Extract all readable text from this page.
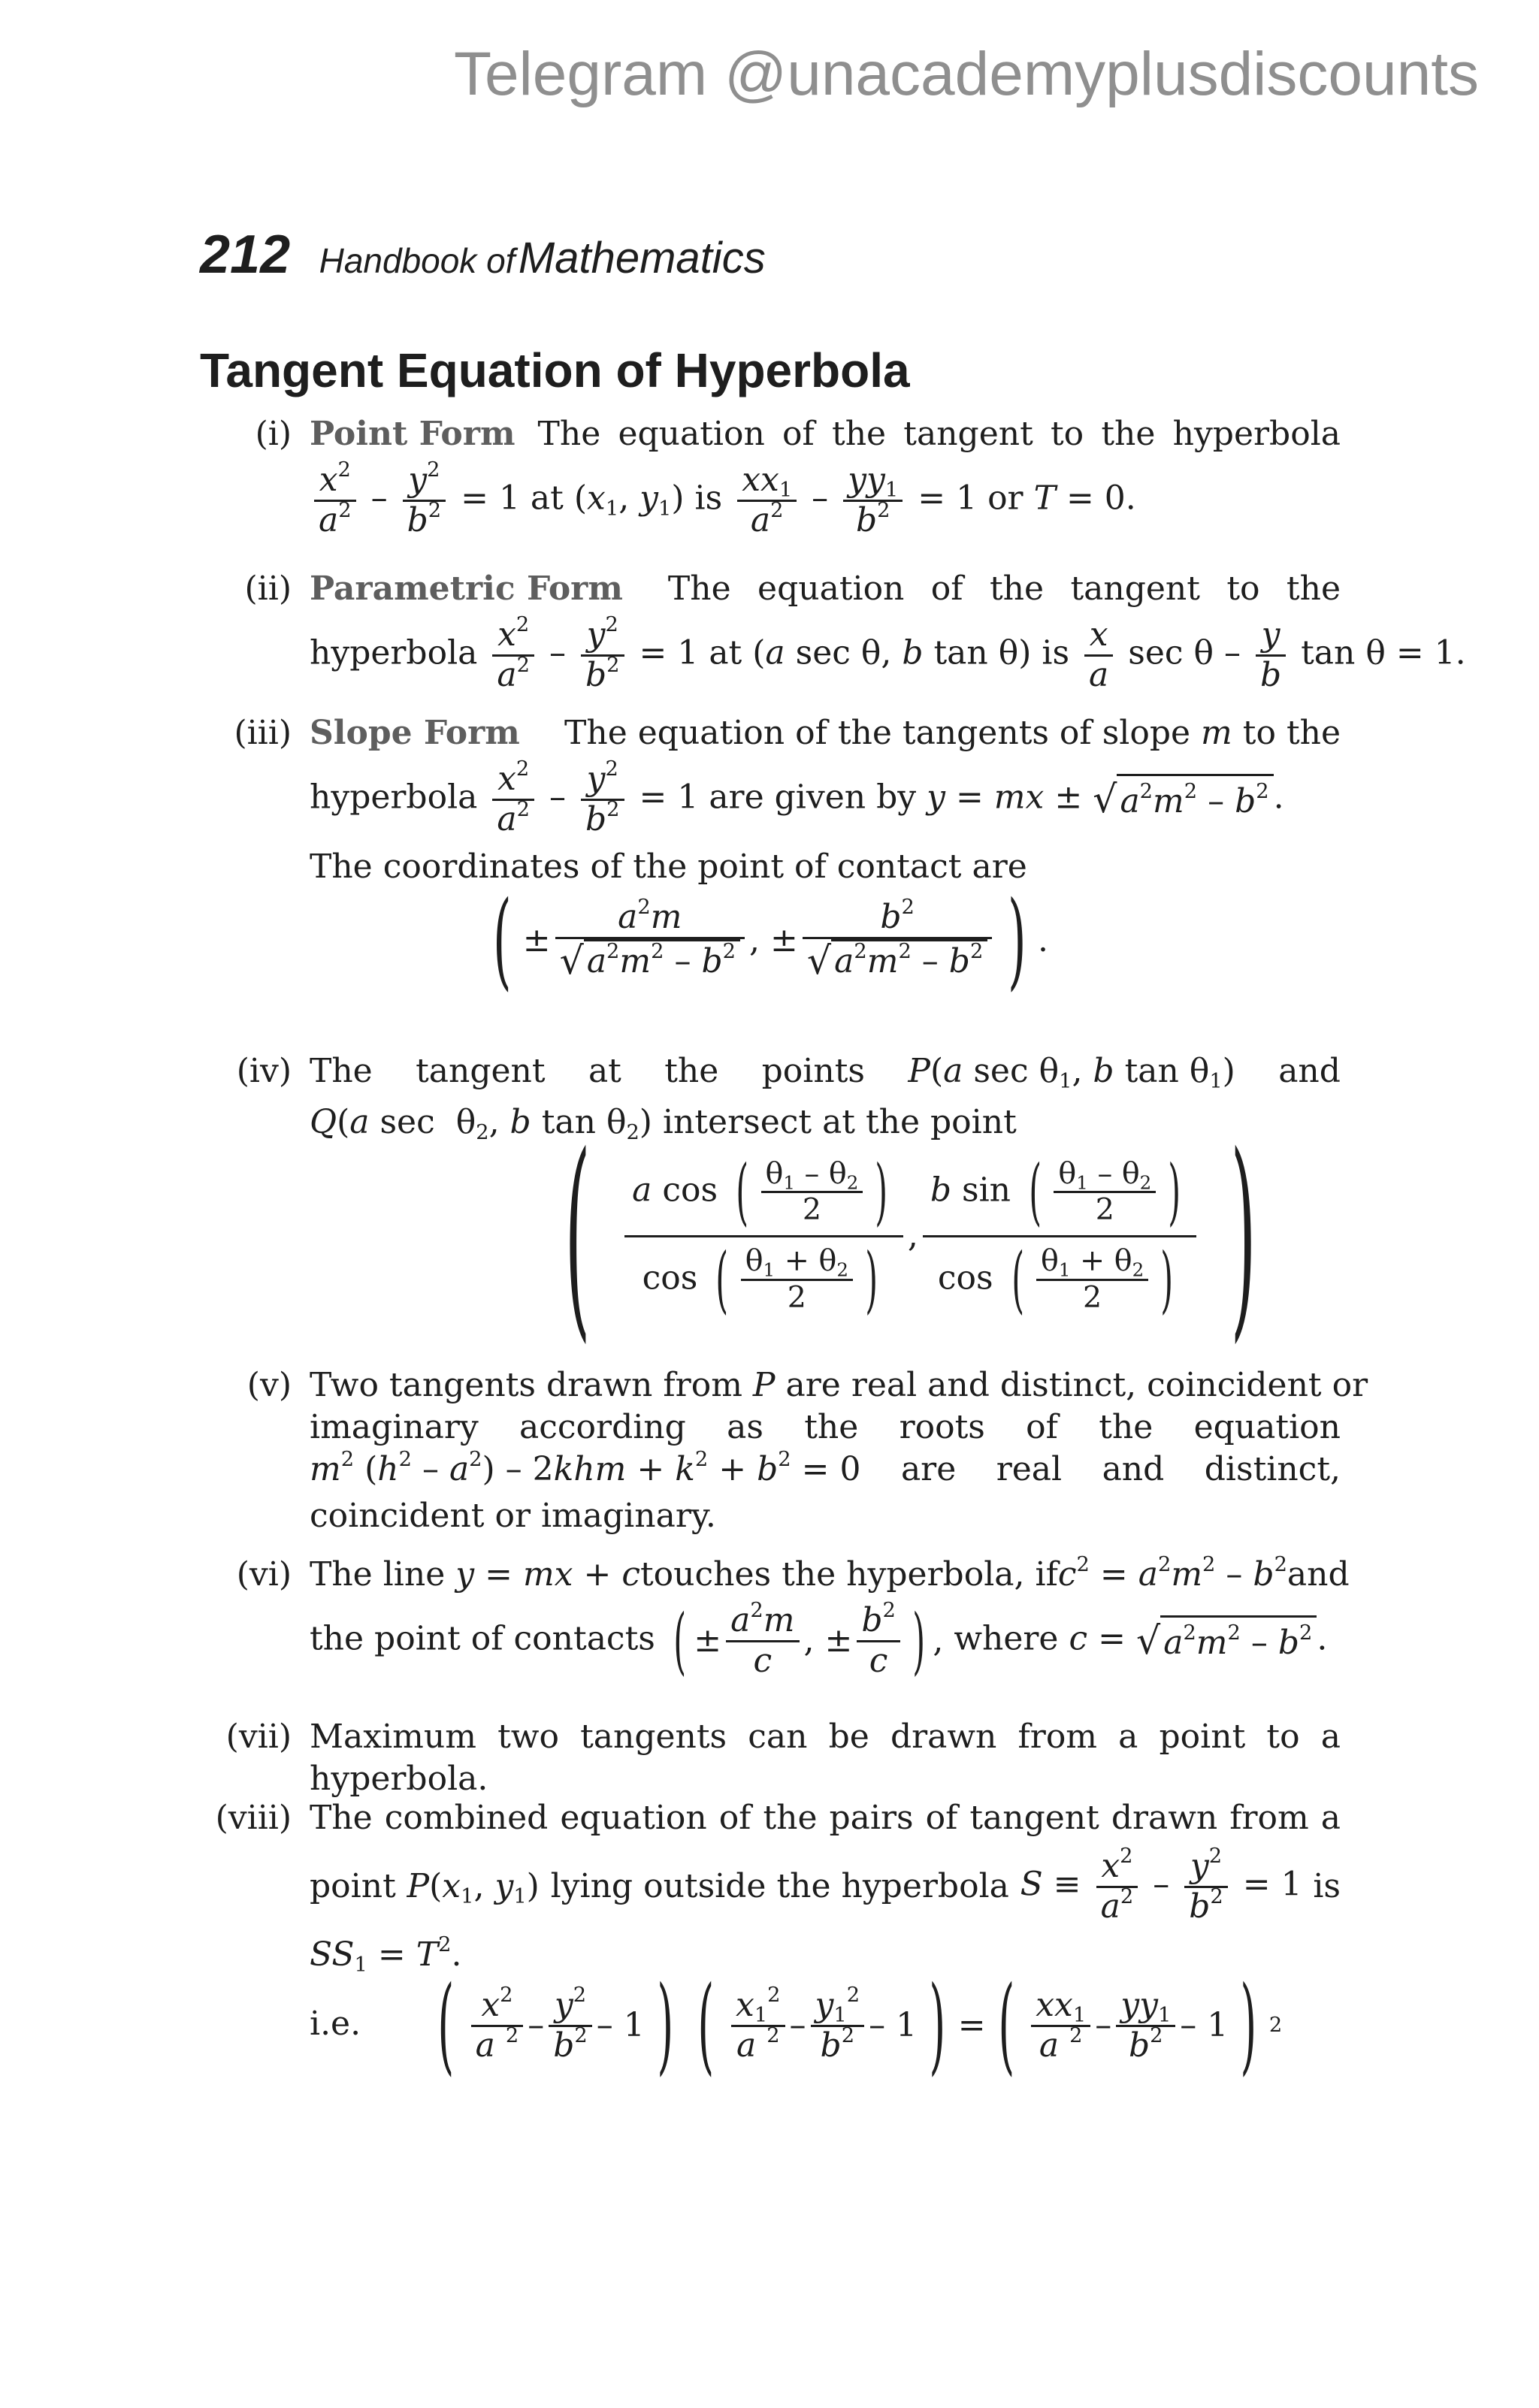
Telegram @unacademyplusdiscounts
212 Handbook of Mathematics
Tangent Equation of Hyperbola
(i) Point Form The equation of the tangent to the hyperbola
$\frac{x^2}{a^2} - \frac{y^2}{b^2} = 1$ at ($x_1$, $y_1$) is $\frac{xx_1}{a^2} - \frac{yy_1}{b^2} = 1$ or T = 0.
(ii) Parametric Form The equation of the tangent to the
hyperbola $\frac{x^2}{a^2} - \frac{y^2}{b^2} = 1$ at (a sec θ, b tan θ) is $\frac{x}{a}$ sec θ – $\frac{y}{b}$ tan θ = 1.
(iii) Slope Form The equation of the tangents of slope m to the
hyperbola $\frac{x^2}{a^2} - \frac{y^2}{b^2} = 1$ are given by y = mx ± √ $a^2m^2 - b^2$ .
The coordinates of the point of contact are
( ± $\frac{a^2m}{√ a^2m^2 - b^2}$ , ± $\frac{b^2}{√ a^2m^2 - b^2}$ ) .
(iv) The tangent at the points P(a $\sec \theta_1$, b $\tan \theta_1$) and
Q(a $\sec \theta_2$, b $\tan \theta_2$) intersect at the point
( $\frac{a \cos ( \frac{\theta_1 - \theta_2}{2} )}{\cos ( \frac{\theta_1 + \theta_2}{2} )}$ , $\frac{b \sin ( \frac{\theta_1 - \theta_2}{2} )}{\cos ( \frac{\theta_1 + \theta_2}{2} )}$ )
(v) Two tangents drawn from P are real and distinct, coincident or
imaginary according as the roots of the equation
$m^2$ $(h^2 - a^2) - 2khm + k^2 + b^2 = 0$ are real and distinct,
coincident or imaginary.
(vi) The line y = mx + c touches the hyperbola, if $c^2 = a^2m^2 - b^2$ and
the point of contacts ( ± $\frac{a^2m}{c}$ , ± $\frac{b^2}{c}$ ) , where c = √ $a^2m^2 - b^2$ .
(vii) Maximum two tangents can be drawn from a point to a
hyperbola.
(viii) The combined equation of the pairs of tangent drawn from a
point $P(x_1$, $y_1$) lying outside the hyperbola $S \equiv \frac{x^2}{a^2} - \frac{y^2}{b^2} = 1$ is
$SS_1 = T^2$.
i.e. ( $\frac{x^2}{a ^2} - \frac{y^2}{b^2} - 1$ ) ( $\frac{x_1^2}{a ^2} - \frac{y_1^2}{b^2} - 1$ ) = ( $\frac{xx_1}{a ^2} - \frac{yy_1}{b^2} - 1$ ) 2
